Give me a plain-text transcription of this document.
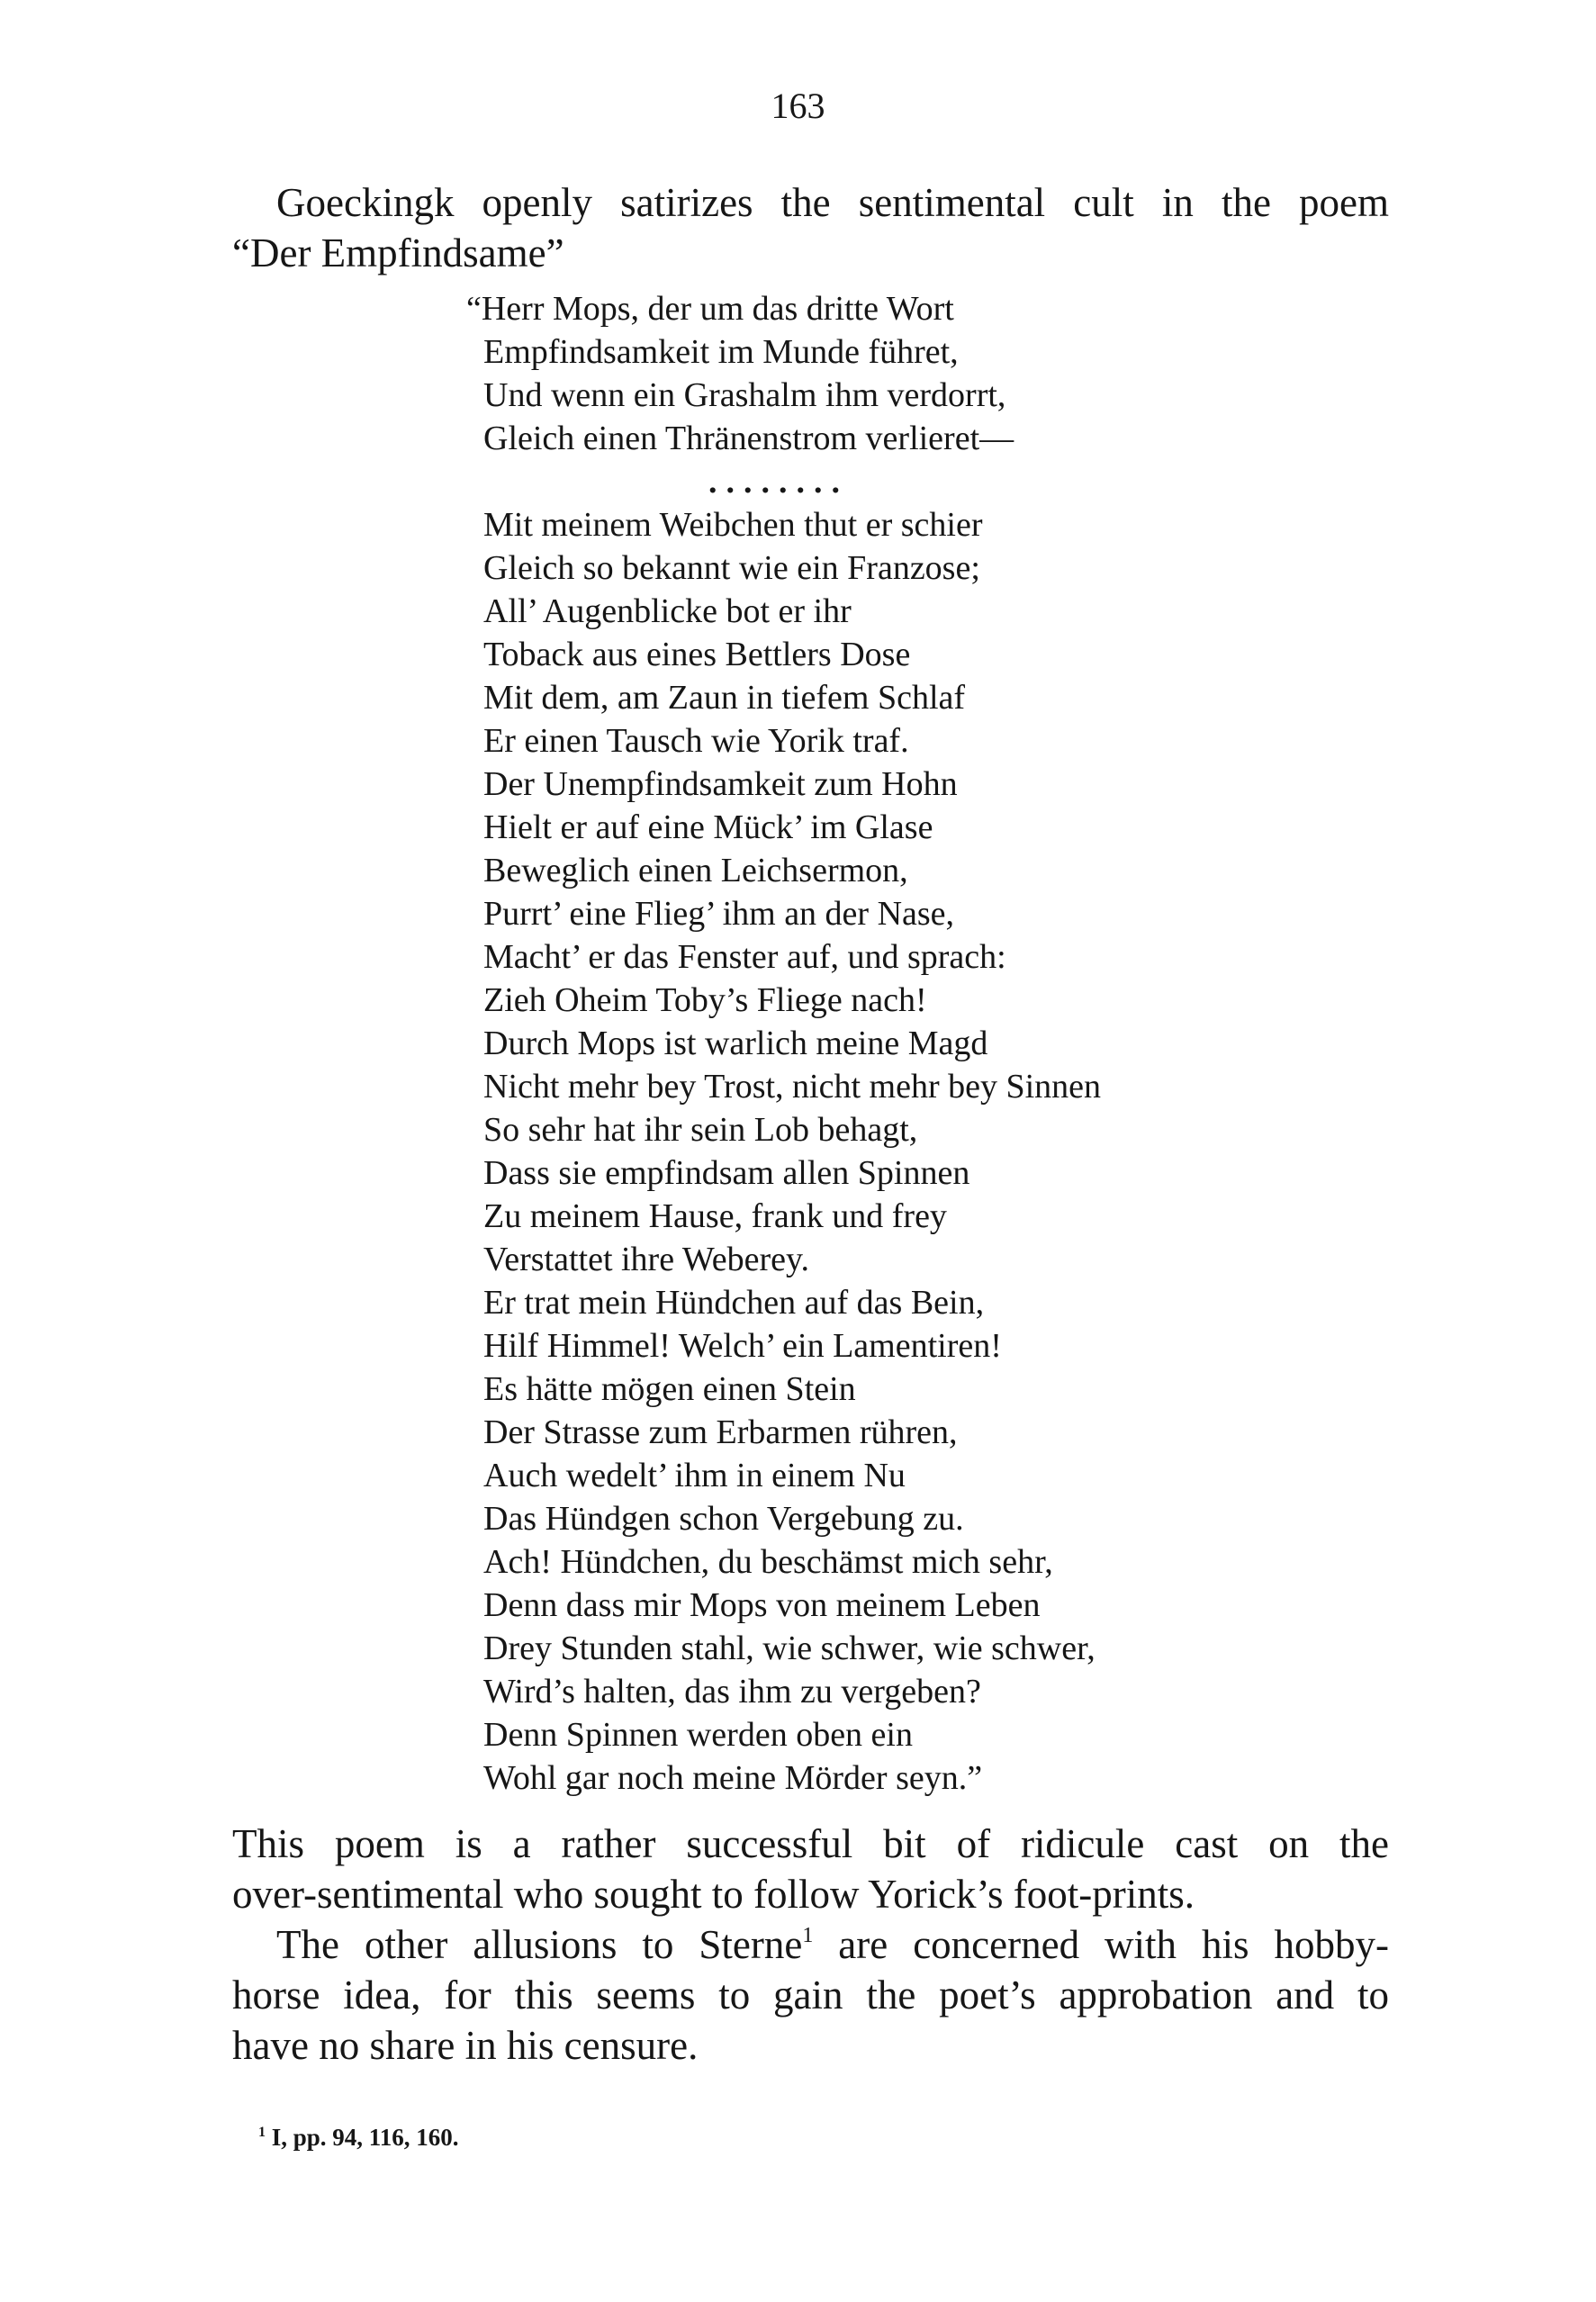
163
Goeckingk openly satirizes the sentimental cult in the poem
“Der Empfindsame”
“Herr Mops, der um das dritte Wort
Empfindsamkeit im Munde führet,
Und wenn ein Grashalm ihm verdorrt,
Gleich einen Thränenstrom verlieret—
........
Mit meinem Weibchen thut er schier
Gleich so bekannt wie ein Franzose;
All’ Augenblicke bot er ihr
Toback aus eines Bettlers Dose
Mit dem, am Zaun in tiefem Schlaf
Er einen Tausch wie Yorik traf.
Der Unempfindsamkeit zum Hohn
Hielt er auf eine Mück’ im Glase
Beweglich einen Leichsermon,
Purrt’ eine Flieg’ ihm an der Nase,
Macht’ er das Fenster auf, und sprach:
Zieh Oheim Toby’s Fliege nach!
Durch Mops ist warlich meine Magd
Nicht mehr bey Trost, nicht mehr bey Sinnen
So sehr hat ihr sein Lob behagt,
Dass sie empfindsam allen Spinnen
Zu meinem Hause, frank und frey
Verstattet ihre Weberey.
Er trat mein Hündchen auf das Bein,
Hilf Himmel! Welch’ ein Lamentiren!
Es hätte mögen einen Stein
Der Strasse zum Erbarmen rühren,
Auch wedelt’ ihm in einem Nu
Das Hündgen schon Vergebung zu.
Ach! Hündchen, du beschämst mich sehr,
Denn dass mir Mops von meinem Leben
Drey Stunden stahl, wie schwer, wie schwer,
Wird’s halten, das ihm zu vergeben?
Denn Spinnen werden oben ein
Wohl gar noch meine Mörder seyn.”
This poem is a rather successful bit of ridicule cast on the
over-sentimental who sought to follow Yorick’s foot-prints.
The other allusions to Sterne$^1$ are concerned with his hobby-
horse idea, for this seems to gain the poet’s approbation and to
have no share in his censure.
$^1$ I, pp. 94, 116, 160.
